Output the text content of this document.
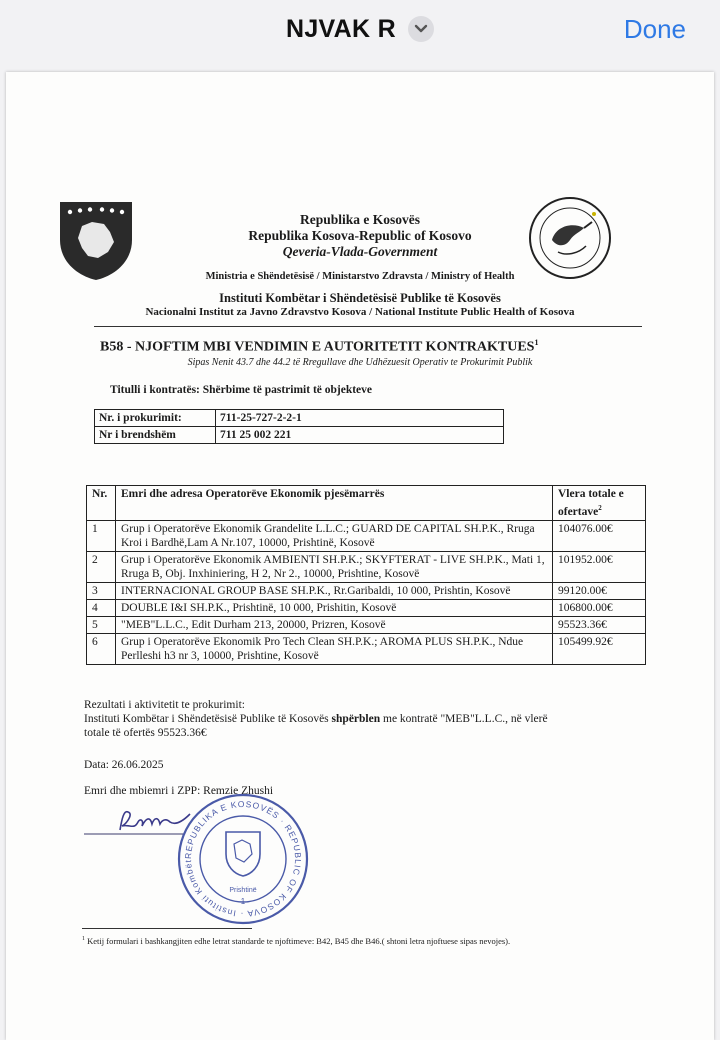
NJVAK R	Done
Republika e Kosovës
Republika Kosova-Republic of Kosovo
Qeveria-Vlada-Government
Ministria e Shëndetësisë / Ministarstvo Zdravsta / Ministry of Health
Instituti Kombëtar i Shëndetësisë Publike të Kosovës
Nacionalni Institut za Javno Zdravstvo Kosova / National Institute Public Health of Kosova
B58 - NJOFTIM MBI VENDIMIN E AUTORITETIT KONTRAKTUES$^1$
Sipas Nenit 43.7 dhe 44.2 të Rregullave dhe Udhëzuesit Operativ te Prokurimit Publik
Titulli i kontratës: Shërbime të pastrimit të objekteve
Nr. i prokurimit:	711-25-727-2-2-1
Nr i brendshëm	711 25 002 221
Nr.	Emri dhe adresa Operatorëve Ekonomik pjesëmarrës	Vlera totale e ofertave$^2$
1	Grup i Operatorëve Ekonomik Grandelite L.L.C.; GUARD DE CAPITAL SH.P.K., Rruga Kroi i Bardhë,Lam A Nr.107, 10000, Prishtinë, Kosovë	104076.00€
2	Grup i Operatorëve Ekonomik AMBIENTI SH.P.K.; SKYFTERAT - LIVE SH.P.K., Mati 1, Rruga B, Obj. Inxhiniering, H 2, Nr 2., 10000, Prishtine, Kosovë	101952.00€
3	INTERNACIONAL GROUP BASE SH.P.K., Rr.Garibaldi, 10 000, Prishtin, Kosovë	99120.00€
4	DOUBLE I&I SH.P.K., Prishtinë, 10 000, Prishitin, Kosovë	106800.00€
5	"MEB"L.L.C., Edit Durham 213, 20000, Prizren, Kosovë	95523.36€
6	Grup i Operatorëve Ekonomik Pro Tech Clean SH.P.K.; AROMA PLUS SH.P.K., Ndue Perlleshi h3 nr 3, 10000, Prishtine, Kosovë	105499.92€
Rezultati i aktivitetit te prokurimit:
Instituti Kombëtar i Shëndetësisë Publike të Kosovës shpërblen me kontratë "MEB"L.L.C., në vlerë
totale të ofertës 95523.36€
Data: 26.06.2025
Emri dhe mbiemri i ZPP: Remzie Zhushi
REPUBLIKA E KOSOVËS · REPUBLIC OF KOSOVA · Instituti Kombët
Prishtinë
1
$^1$ Ketij formulari i bashkangjiten edhe letrat standarde te njoftimeve: B42, B45 dhe B46.( shtoni letra njoftuese sipas nevojes).
